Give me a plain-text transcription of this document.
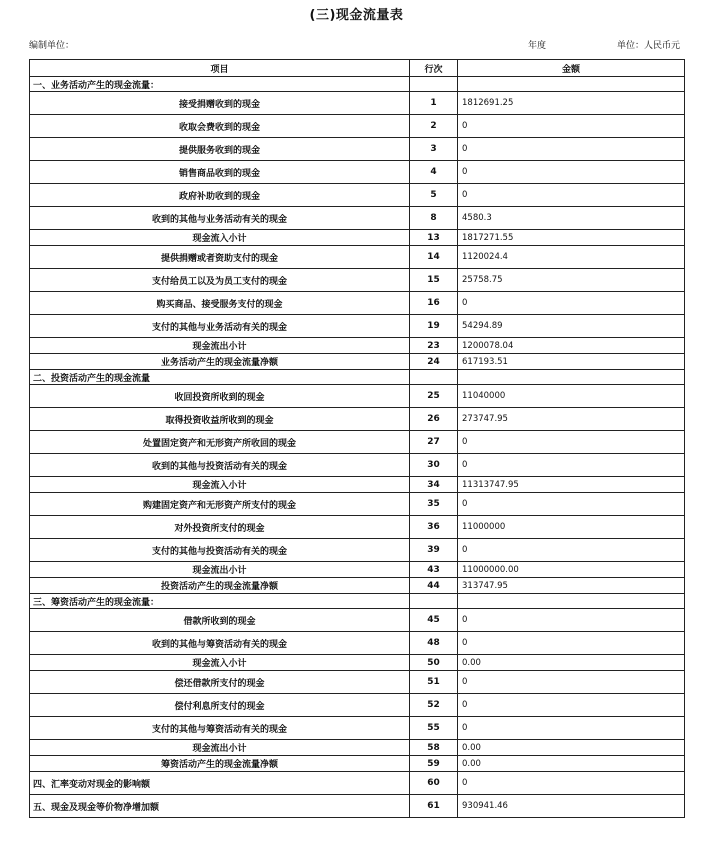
(三)现金流量表
编制单位：	年度	单位：人民币元
项目	行次	金额
一、业务活动产生的现金流量：		
接受捐赠收到的现金	1	1812691.25
收取会费收到的现金	2	0
提供服务收到的现金	3	0
销售商品收到的现金	4	0
政府补助收到的现金	5	0
收到的其他与业务活动有关的现金	8	4580.3
现金流入小计	13	1817271.55
提供捐赠或者资助支付的现金	14	1120024.4
支付给员工以及为员工支付的现金	15	25758.75
购买商品、接受服务支付的现金	16	0
支付的其他与业务活动有关的现金	19	54294.89
现金流出小计	23	1200078.04
业务活动产生的现金流量净额	24	617193.51
二、投资活动产生的现金流量		
收回投资所收到的现金	25	11040000
取得投资收益所收到的现金	26	273747.95
处置固定资产和无形资产所收回的现金	27	0
收到的其他与投资活动有关的现金	30	0
现金流入小计	34	11313747.95
购建固定资产和无形资产所支付的现金	35	0
对外投资所支付的现金	36	11000000
支付的其他与投资活动有关的现金	39	0
现金流出小计	43	11000000.00
投资活动产生的现金流量净额	44	313747.95
三、筹资活动产生的现金流量：		
借款所收到的现金	45	0
收到的其他与筹资活动有关的现金	48	0
现金流入小计	50	0.00
偿还借款所支付的现金	51	0
偿付利息所支付的现金	52	0
支付的其他与筹资活动有关的现金	55	0
现金流出小计	58	0.00
筹资活动产生的现金流量净额	59	0.00
四、汇率变动对现金的影响额	60	0
五、现金及现金等价物净增加额	61	930941.46
